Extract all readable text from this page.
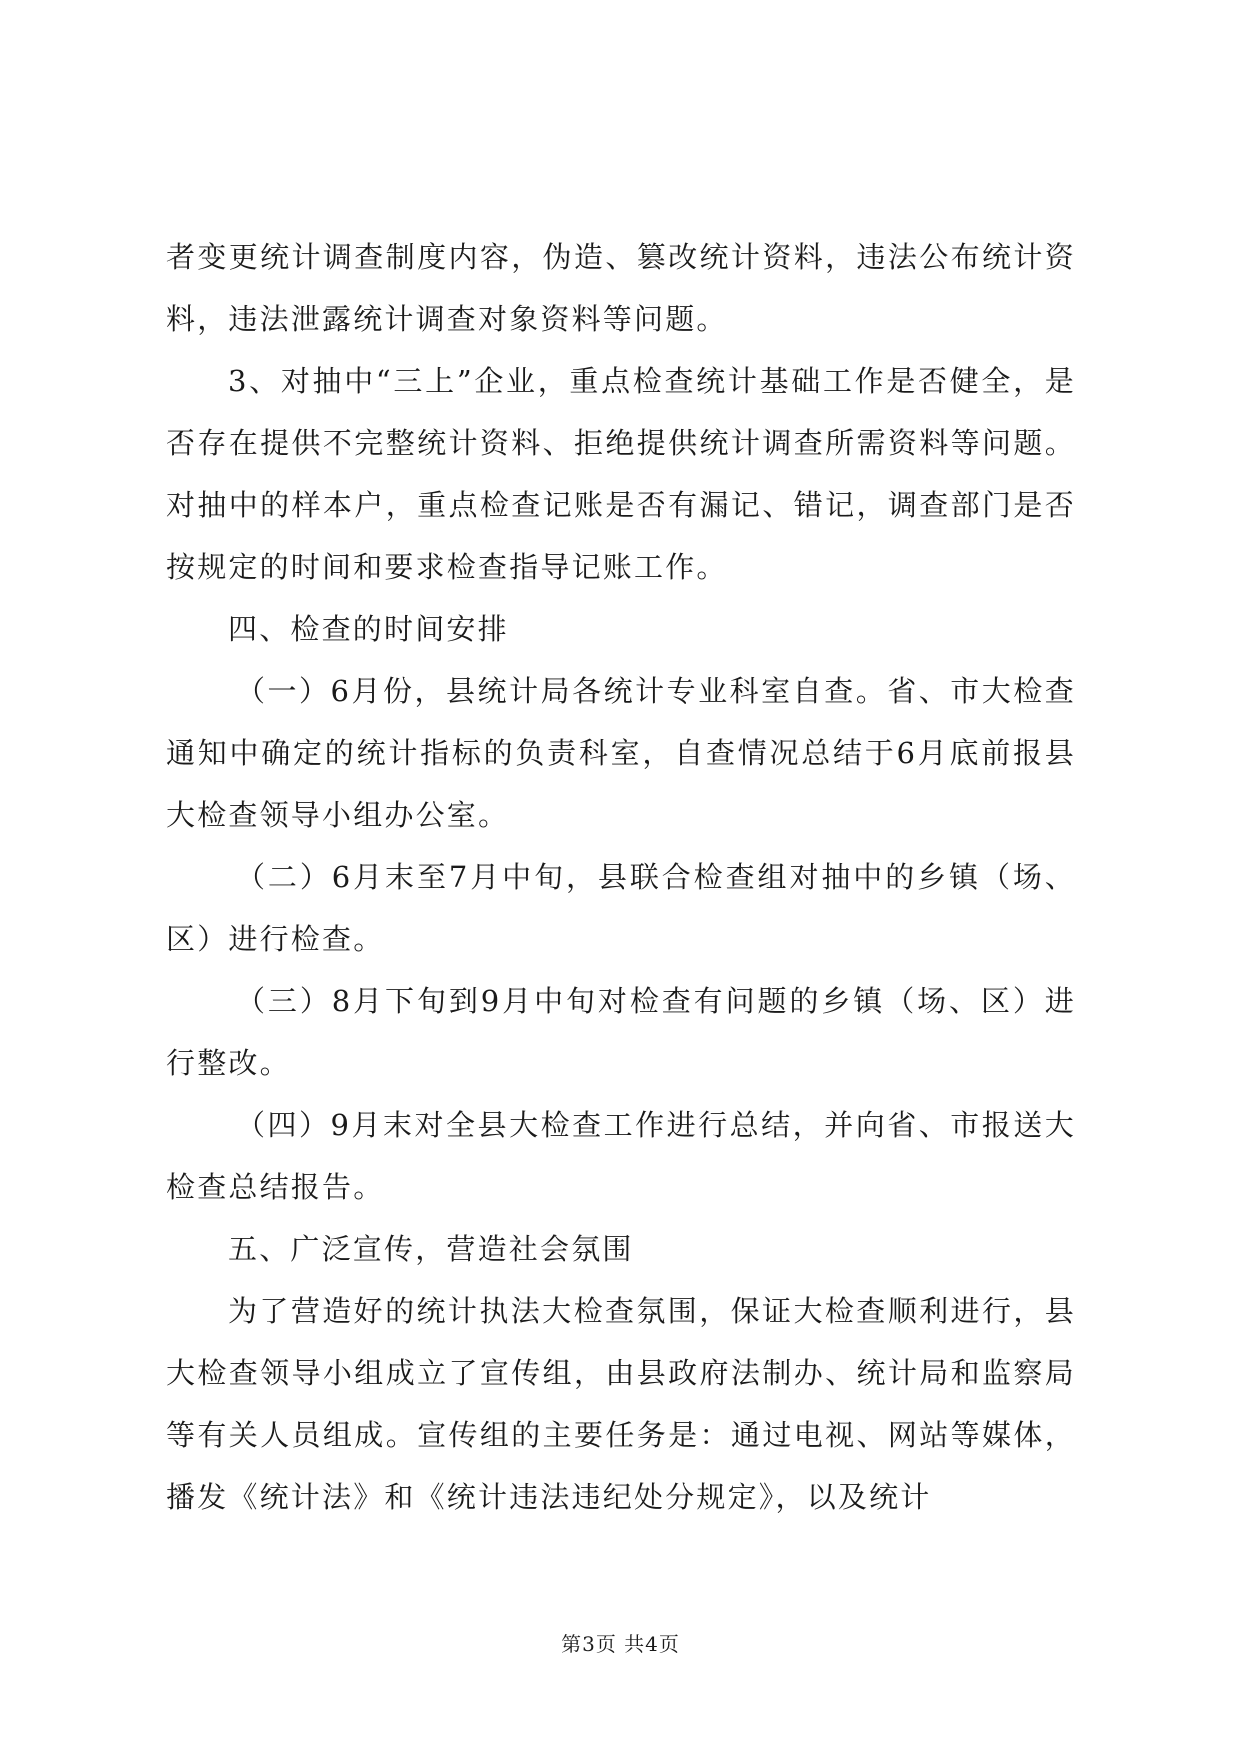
者变更统计调查制度内容，伪造、篡改统计资料，违法公布统计资料，违法泄露统计调查对象资料等问题。

3、对抽中“三上”企业，重点检查统计基础工作是否健全，是否存在提供不完整统计资料、拒绝提供统计调查所需资料等问题。对抽中的样本户，重点检查记账是否有漏记、错记，调查部门是否按规定的时间和要求检查指导记账工作。

四、检查的时间安排

（一）6月份，县统计局各统计专业科室自查。省、市大检查通知中确定的统计指标的负责科室，自查情况总结于6月底前报县大检查领导小组办公室。

（二）6月末至7月中旬，县联合检查组对抽中的乡镇（场、区）进行检查。

（三）8月下旬到9月中旬对检查有问题的乡镇（场、区）进行整改。

（四）9月末对全县大检查工作进行总结，并向省、市报送大检查总结报告。

五、广泛宣传，营造社会氛围

为了营造好的统计执法大检查氛围，保证大检查顺利进行，县大检查领导小组成立了宣传组，由县政府法制办、统计局和监察局等有关人员组成。宣传组的主要任务是：通过电视、网站等媒体，播发《统计法》和《统计违法违纪处分规定》，以及统计

第3页 共4页
